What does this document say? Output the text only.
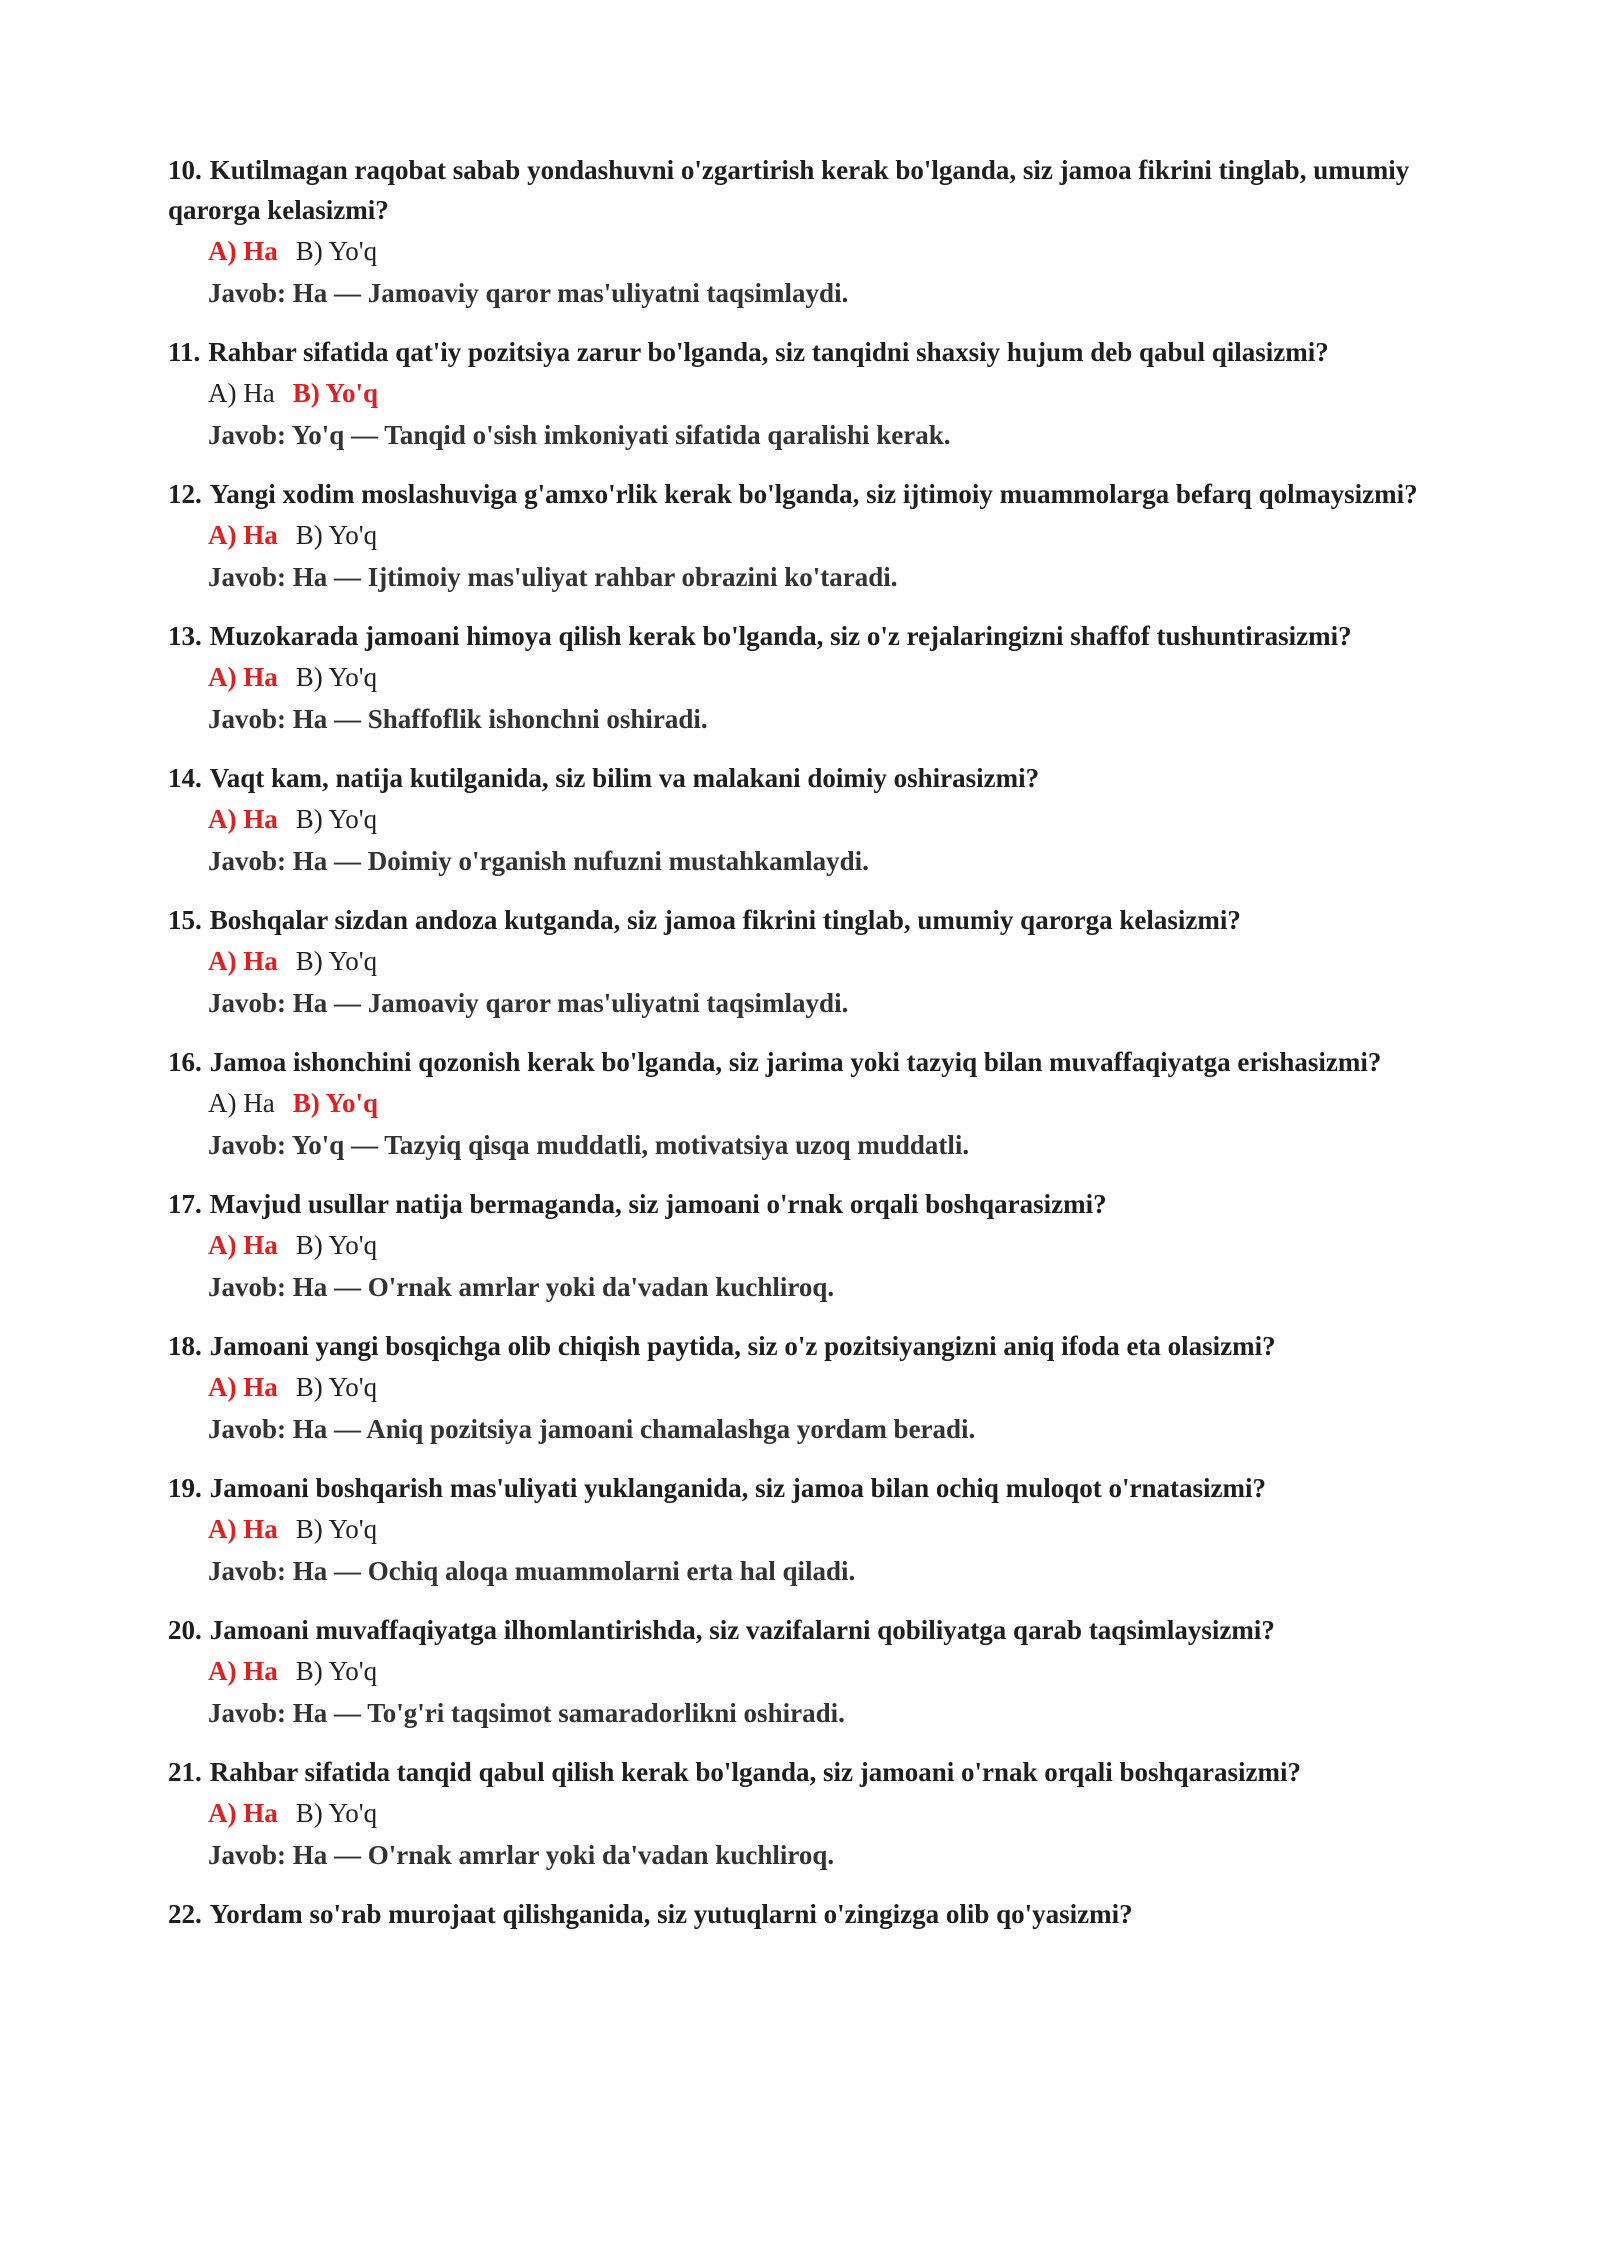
10. Kutilmagan raqobat sabab yondashuvni o'zgartirish kerak bo'lganda, siz jamoa fikrini tinglab, umumiy qarorga kelasizmi?

A) Ha B) Yo'q
Javob: Ha — Jamoaviy qaror mas'uliyatni taqsimlaydi.

11. Rahbar sifatida qat'iy pozitsiya zarur bo'lganda, siz tanqidni shaxsiy hujum deb qabul qilasizmi?

A) Ha B) Yo'q
Javob: Yo'q — Tanqid o'sish imkoniyati sifatida qaralishi kerak.

12. Yangi xodim moslashuviga g'amxo'rlik kerak bo'lganda, siz ijtimoiy muammolarga befarq qolmaysizmi?

A) Ha B) Yo'q
Javob: Ha — Ijtimoiy mas'uliyat rahbar obrazini ko'taradi.

13. Muzokarada jamoani himoya qilish kerak bo'lganda, siz o'z rejalaringizni shaffof tushuntirasizmi?

A) Ha B) Yo'q
Javob: Ha — Shaffoflik ishonchni oshiradi.

14. Vaqt kam, natija kutilganida, siz bilim va malakani doimiy oshirasizmi?

A) Ha B) Yo'q
Javob: Ha — Doimiy o'rganish nufuzni mustahkamlaydi.

15. Boshqalar sizdan andoza kutganda, siz jamoa fikrini tinglab, umumiy qarorga kelasizmi?

A) Ha B) Yo'q
Javob: Ha — Jamoaviy qaror mas'uliyatni taqsimlaydi.

16. Jamoa ishonchini qozonish kerak bo'lganda, siz jarima yoki tazyiq bilan muvaffaqiyatga erishasizmi?

A) Ha B) Yo'q
Javob: Yo'q — Tazyiq qisqa muddatli, motivatsiya uzoq muddatli.

17. Mavjud usullar natija bermaganda, siz jamoani o'rnak orqali boshqarasizmi?

A) Ha B) Yo'q
Javob: Ha — O'rnak amrlar yoki da'vadan kuchliroq.

18. Jamoani yangi bosqichga olib chiqish paytida, siz o'z pozitsiyangizni aniq ifoda eta olasizmi?

A) Ha B) Yo'q
Javob: Ha — Aniq pozitsiya jamoani chamalashga yordam beradi.

19. Jamoani boshqarish mas'uliyati yuklanganida, siz jamoa bilan ochiq muloqot o'rnatasizmi?

A) Ha B) Yo'q
Javob: Ha — Ochiq aloqa muammolarni erta hal qiladi.

20. Jamoani muvaffaqiyatga ilhomlantirishda, siz vazifalarni qobiliyatga qarab taqsimlaysizmi?

A) Ha B) Yo'q
Javob: Ha — To'g'ri taqsimot samaradorlikni oshiradi.

21. Rahbar sifatida tanqid qabul qilish kerak bo'lganda, siz jamoani o'rnak orqali boshqarasizmi?

A) Ha B) Yo'q
Javob: Ha — O'rnak amrlar yoki da'vadan kuchliroq.

22. Yordam so'rab murojaat qilishganida, siz yutuqlarni o'zingizga olib qo'yasizmi?
